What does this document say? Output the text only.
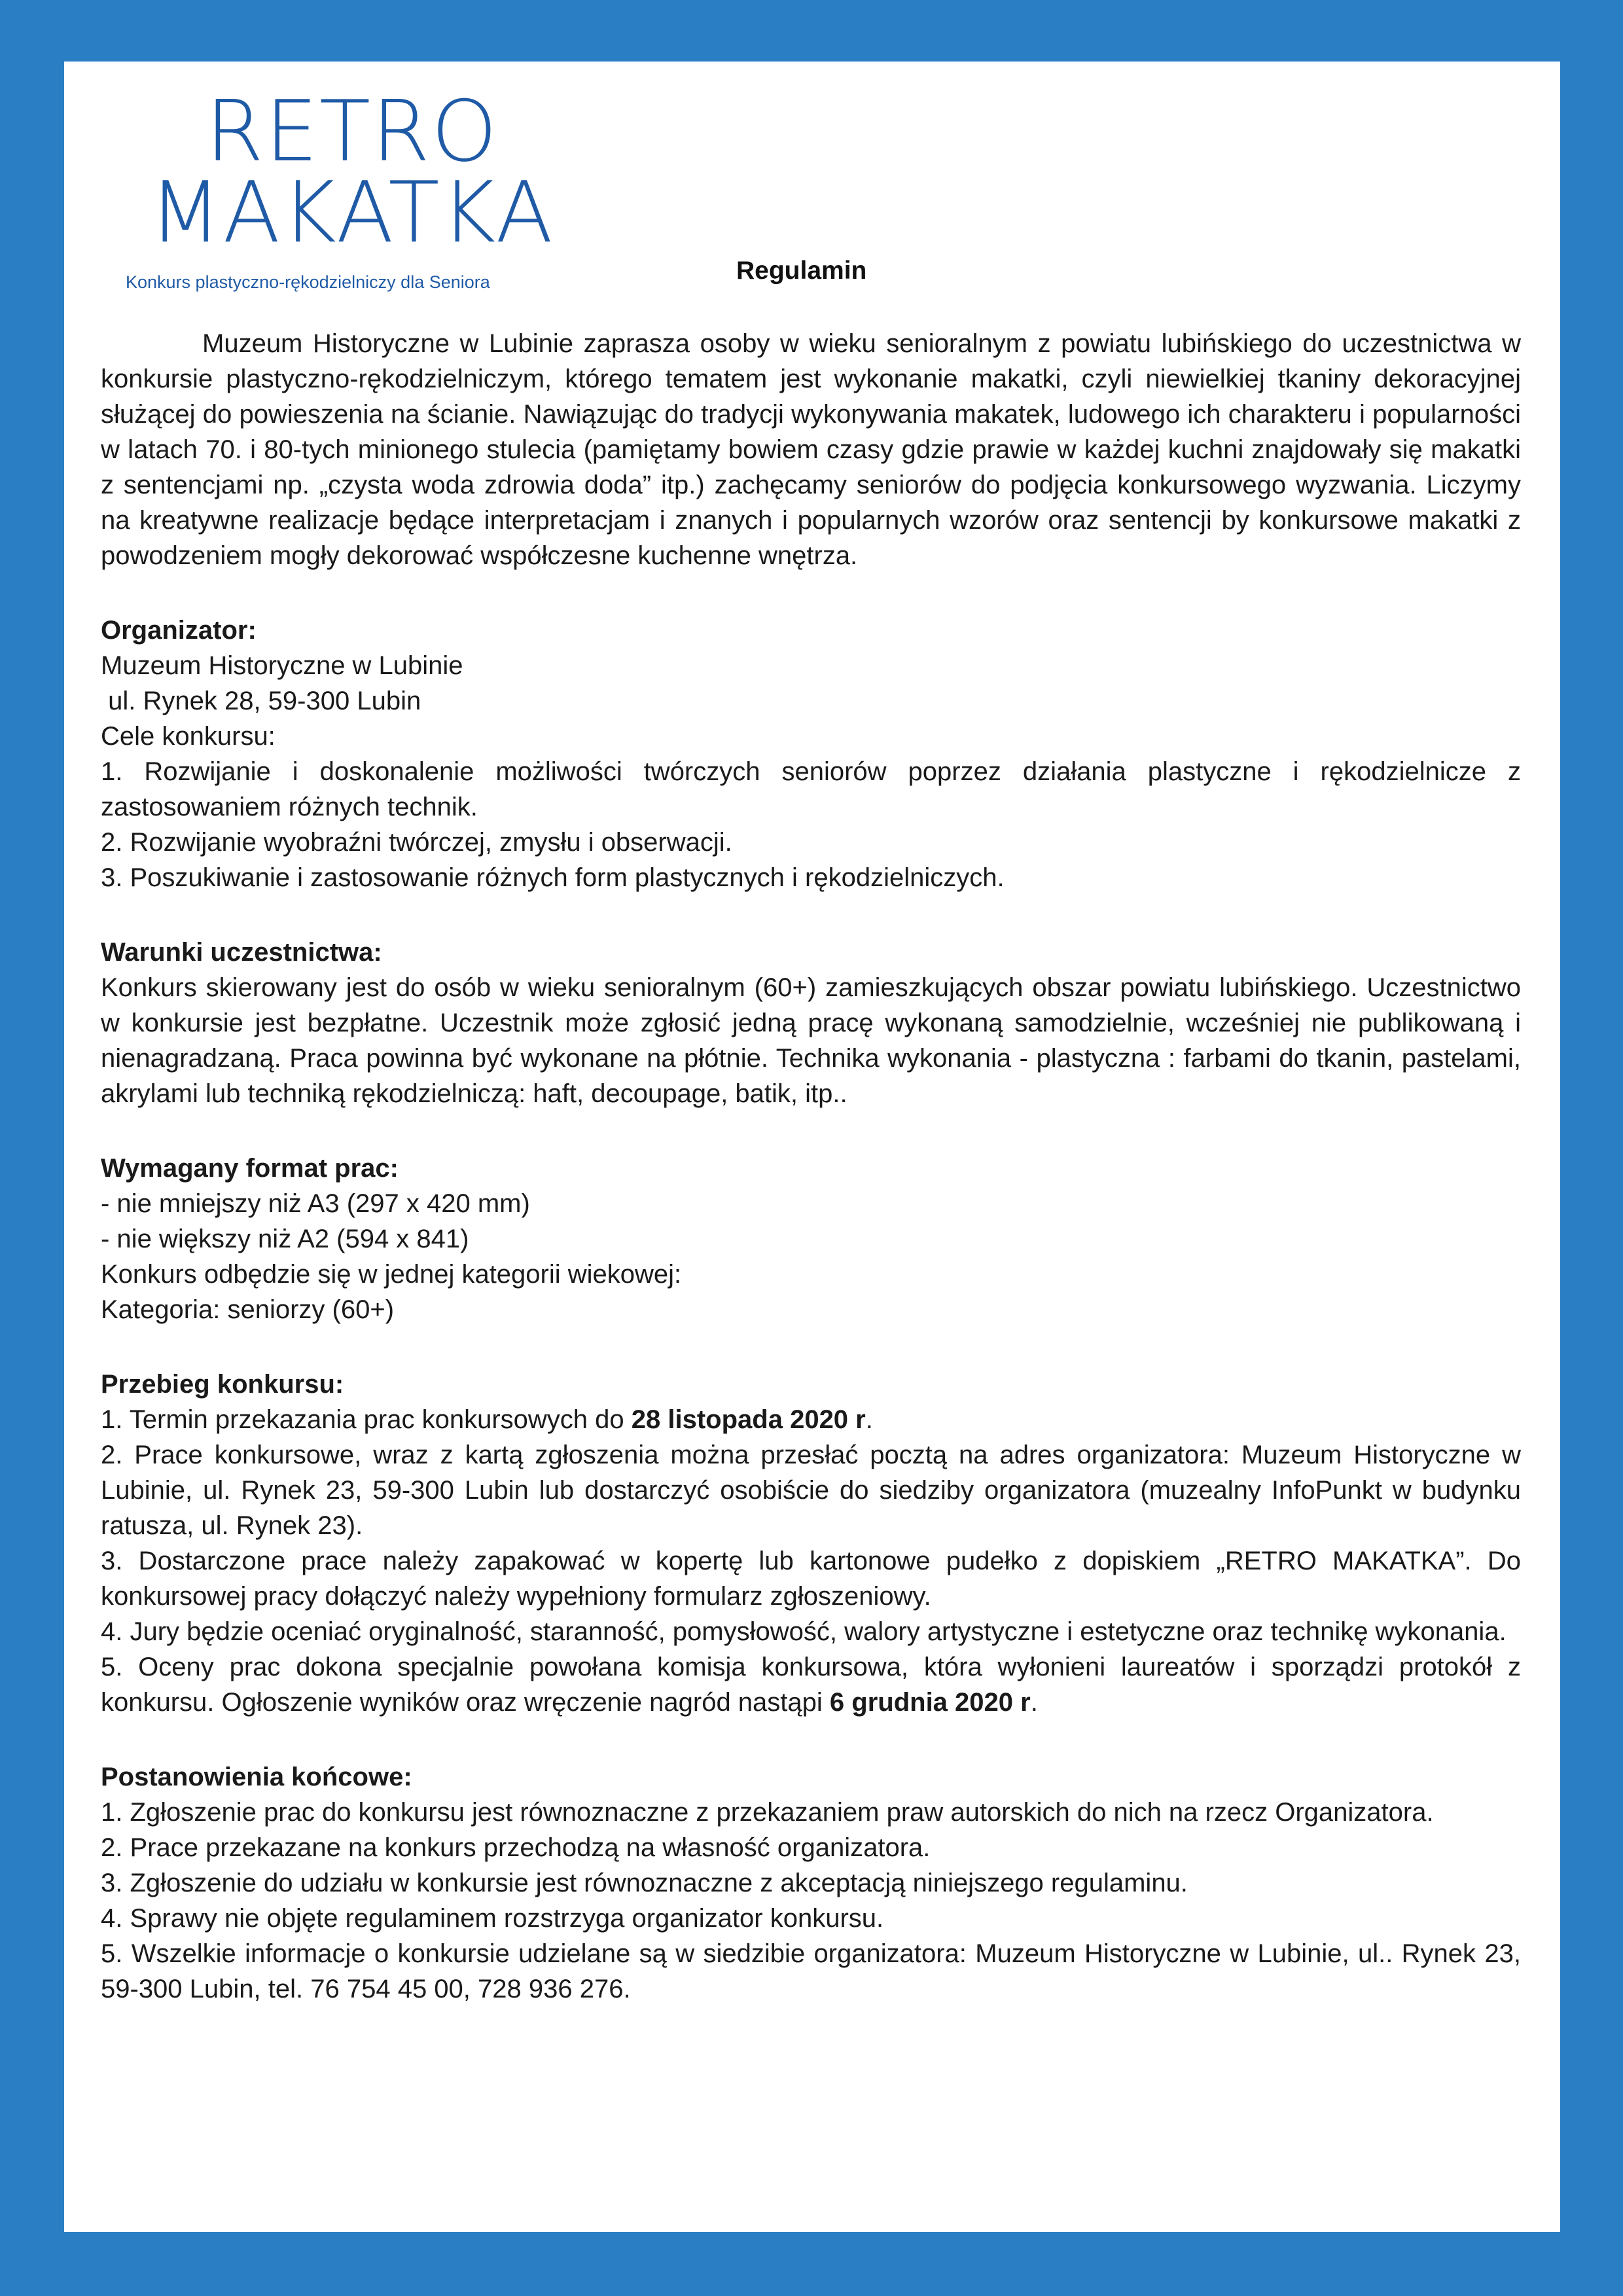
RETRO
MAKATKA
Konkurs plastyczno-rękodzielniczy dla Seniora	Regulamin

Muzeum Historyczne w Lubinie zaprasza osoby w wieku senioralnym z powiatu lubińskiego do uczestnictwa w konkursie plastyczno-rękodzielniczym, którego tematem jest wykonanie makatki, czyli niewielkiej tkaniny dekoracyjnej służącej do powieszenia na ścianie. Nawiązując do tradycji wykonywania makatek, ludowego ich charakteru i popularności w latach 70. i 80-tych minionego stulecia (pamiętamy bowiem czasy gdzie prawie w każdej kuchni znajdowały się makatki z sentencjami np. „czysta woda zdrowia doda” itp.) zachęcamy seniorów do podjęcia konkursowego wyzwania. Liczymy na kreatywne realizacje będące interpretacjam i znanych i popularnych wzorów oraz sentencji by konkursowe makatki z powodzeniem mogły dekorować współczesne kuchenne wnętrza.

Organizator:

Muzeum Historyczne w Lubinie

ul. Rynek 28, 59-300 Lubin

Cele konkursu:

1. Rozwijanie i doskonalenie możliwości twórczych seniorów poprzez działania plastyczne i rękodzielnicze z zastosowaniem różnych technik.

2. Rozwijanie wyobraźni twórczej, zmysłu i obserwacji.

3. Poszukiwanie i zastosowanie różnych form plastycznych i rękodzielniczych.

Warunki uczestnictwa:

Konkurs skierowany jest do osób w wieku senioralnym (60+) zamieszkujących obszar powiatu lubińskiego. Uczestnictwo w konkursie jest bezpłatne. Uczestnik może zgłosić jedną pracę wykonaną samodzielnie, wcześniej nie publikowaną i nienagradzaną. Praca powinna być wykonane na płótnie. Technika wykonania - plastyczna : farbami do tkanin, pastelami, akrylami lub techniką rękodzielniczą: haft, decoupage, batik, itp..

Wymagany format prac:

- nie mniejszy niż A3 (297 x 420 mm)

- nie większy niż A2 (594 x 841)

Konkurs odbędzie się w jednej kategorii wiekowej:

Kategoria: seniorzy (60+)

Przebieg konkursu:

1. Termin przekazania prac konkursowych do 28 listopada 2020 r.

2. Prace konkursowe, wraz z kartą zgłoszenia można przesłać pocztą na adres organizatora: Muzeum Historyczne w Lubinie, ul. Rynek 23, 59-300 Lubin lub dostarczyć osobiście do siedziby organizatora (muzealny InfoPunkt w budynku ratusza, ul. Rynek 23).

3. Dostarczone prace należy zapakować w kopertę lub kartonowe pudełko z dopiskiem „RETRO MAKATKA”. Do konkursowej pracy dołączyć należy wypełniony formularz zgłoszeniowy.

4. Jury będzie oceniać oryginalność, staranność, pomysłowość, walory artystyczne i estetyczne oraz technikę wykonania.

5. Oceny prac dokona specjalnie powołana komisja konkursowa, która wyłonieni laureatów i sporządzi protokół z konkursu. Ogłoszenie wyników oraz wręczenie nagród nastąpi 6 grudnia 2020 r.

Postanowienia końcowe:

1. Zgłoszenie prac do konkursu jest równoznaczne z przekazaniem praw autorskich do nich na rzecz Organizatora.

2. Prace przekazane na konkurs przechodzą na własność organizatora.

3. Zgłoszenie do udziału w konkursie jest równoznaczne z akceptacją niniejszego regulaminu.

4. Sprawy nie objęte regulaminem rozstrzyga organizator konkursu.

5. Wszelkie informacje o konkursie udzielane są w siedzibie organizatora: Muzeum Historyczne w Lubinie, ul.. Rynek 23, 59-300 Lubin, tel. 76 754 45 00, 728 936 276.
